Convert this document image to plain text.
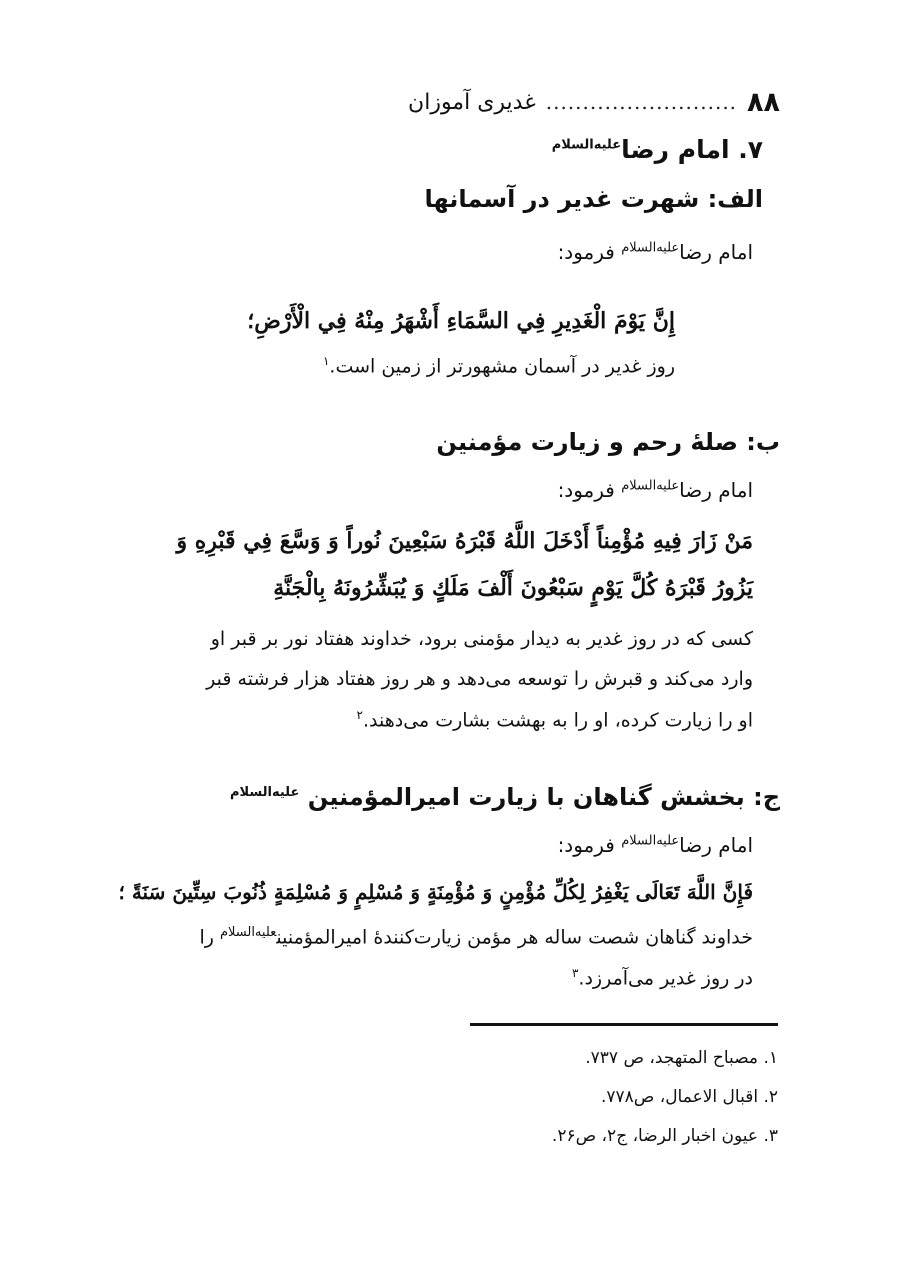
۸۸
..........................
غدیری آموزان
۷. امام رضا$^{علیه‌السلام}$
الف: شهرت غدیر در آسمانها
امام رضا$^{علیه‌السلام}$ فرمود:
إِنَّ يَوْمَ الْغَدِيرِ فِي السَّمَاءِ أَشْهَرُ مِنْهُ فِي الْأَرْضِ؛
روز غدیر در آسمان مشهورتر از زمین است.$^۱$
ب: صلهٔ رحم و زیارت مؤمنین
امام رضا$^{علیه‌السلام}$ فرمود:
مَنْ زَارَ فِيهِ مُؤْمِناً أَدْخَلَ اللَّهُ قَبْرَهُ سَبْعِينَ نُوراً وَ وَسَّعَ فِي قَبْرِهِ وَ
يَزُورُ قَبْرَهُ كُلَّ يَوْمٍ سَبْعُونَ أَلْفَ مَلَكٍ وَ يُبَشِّرُونَهُ بِالْجَنَّةِ
کسی که در روز غدیر به دیدار مؤمنی برود، خداوند هفتاد نور بر قبر او
وارد می‌کند و قبرش را توسعه می‌دهد و هر روز هفتاد هزار فرشته قبر
او را زیارت کرده، او را به بهشت بشارت می‌دهند.$^۲$
ج: بخشش گناهان با زیارت امیرالمؤمنین $^{علیه‌السلام}$
امام رضا$^{علیه‌السلام}$ فرمود:
فَإِنَّ اللَّهَ تَعَالَى يَغْفِرُ لِكُلِّ مُؤْمِنٍ وَ مُؤْمِنَةٍ وَ مُسْلِمٍ وَ مُسْلِمَةٍ ذُنُوبَ سِتِّينَ سَنَةً ؛
خداوند گناهان شصت ساله هر مؤمن زیارت‌کنندهٔ امیرالمؤمنین$^{علیه‌السلام}$ را
در روز غدیر می‌آمرزد.$^۳$
۱. مصباح المتهجد، ص ۷۳۷.
۲. اقبال الاعمال، ص۷۷۸.
۳. عیون اخبار الرضا، ج۲، ص۲۶.
